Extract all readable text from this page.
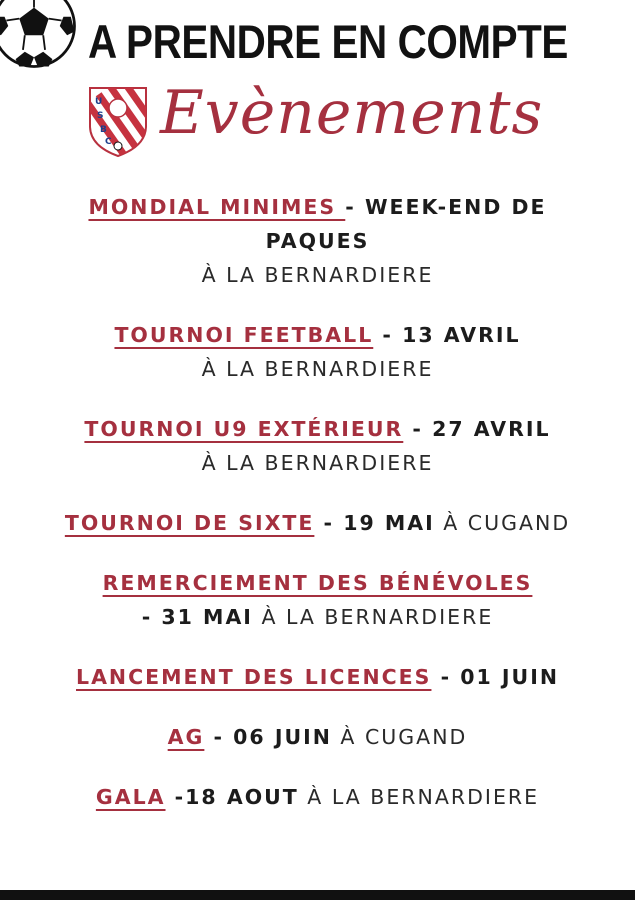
A PRENDRE EN COMPTE
U
S
B
C Evènements
MONDIAL MINIMES - WEEK-END DE
PAQUES
À LA BERNARDIERE
TOURNOI FEETBALL - 13 AVRIL
À LA BERNARDIERE
TOURNOI U9 EXTÉRIEUR - 27 AVRIL
À LA BERNARDIERE
TOURNOI DE SIXTE - 19 MAI À CUGAND
REMERCIEMENT DES BÉNÉVOLES
- 31 MAI À LA BERNARDIERE
LANCEMENT DES LICENCES - 01 JUIN
AG - 06 JUIN À CUGAND
GALA -18 AOUT À LA BERNARDIERE
